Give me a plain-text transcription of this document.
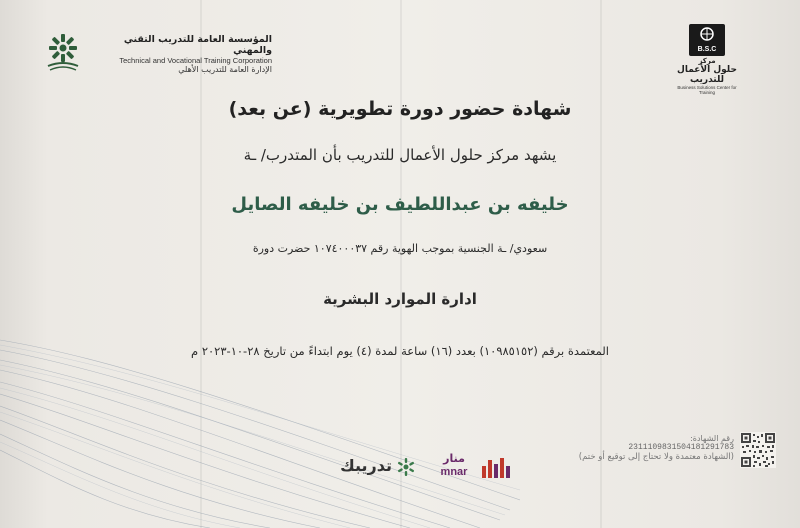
المؤسسة العامة للتدريب التقني والمهني
Technical and Vocational Training Corporation
الإدارة العامة للتدريب الأهلي
B.S.C
مركز
حلول الأعمال للتدريب
Business Solutions Center for Training
شهادة حضور دورة تطويرية (عن بعد)
يشهد مركز حلول الأعمال للتدريب بأن المتدرب/ ـة
خليفه بن عبداللطيف بن خليفه الصايل
سعودي/ ـة الجنسية بموجب الهوية رقم ١٠٧٤٠٠٠٣٧ حضرت دورة
ادارة الموارد البشرية
المعتمدة برقم (١٠٩٨٥١٥٢) بعدد (١٦) ساعة لمدة (٤) يوم ابتداءً من تاريخ ٢٨-١٠-٢٠٢٣ م
تدريبك	منار
mnar
رقم الشهادة:
2311109831504181291783
(الشهادة معتمدة ولا تحتاج إلى توقيع أو ختم)
